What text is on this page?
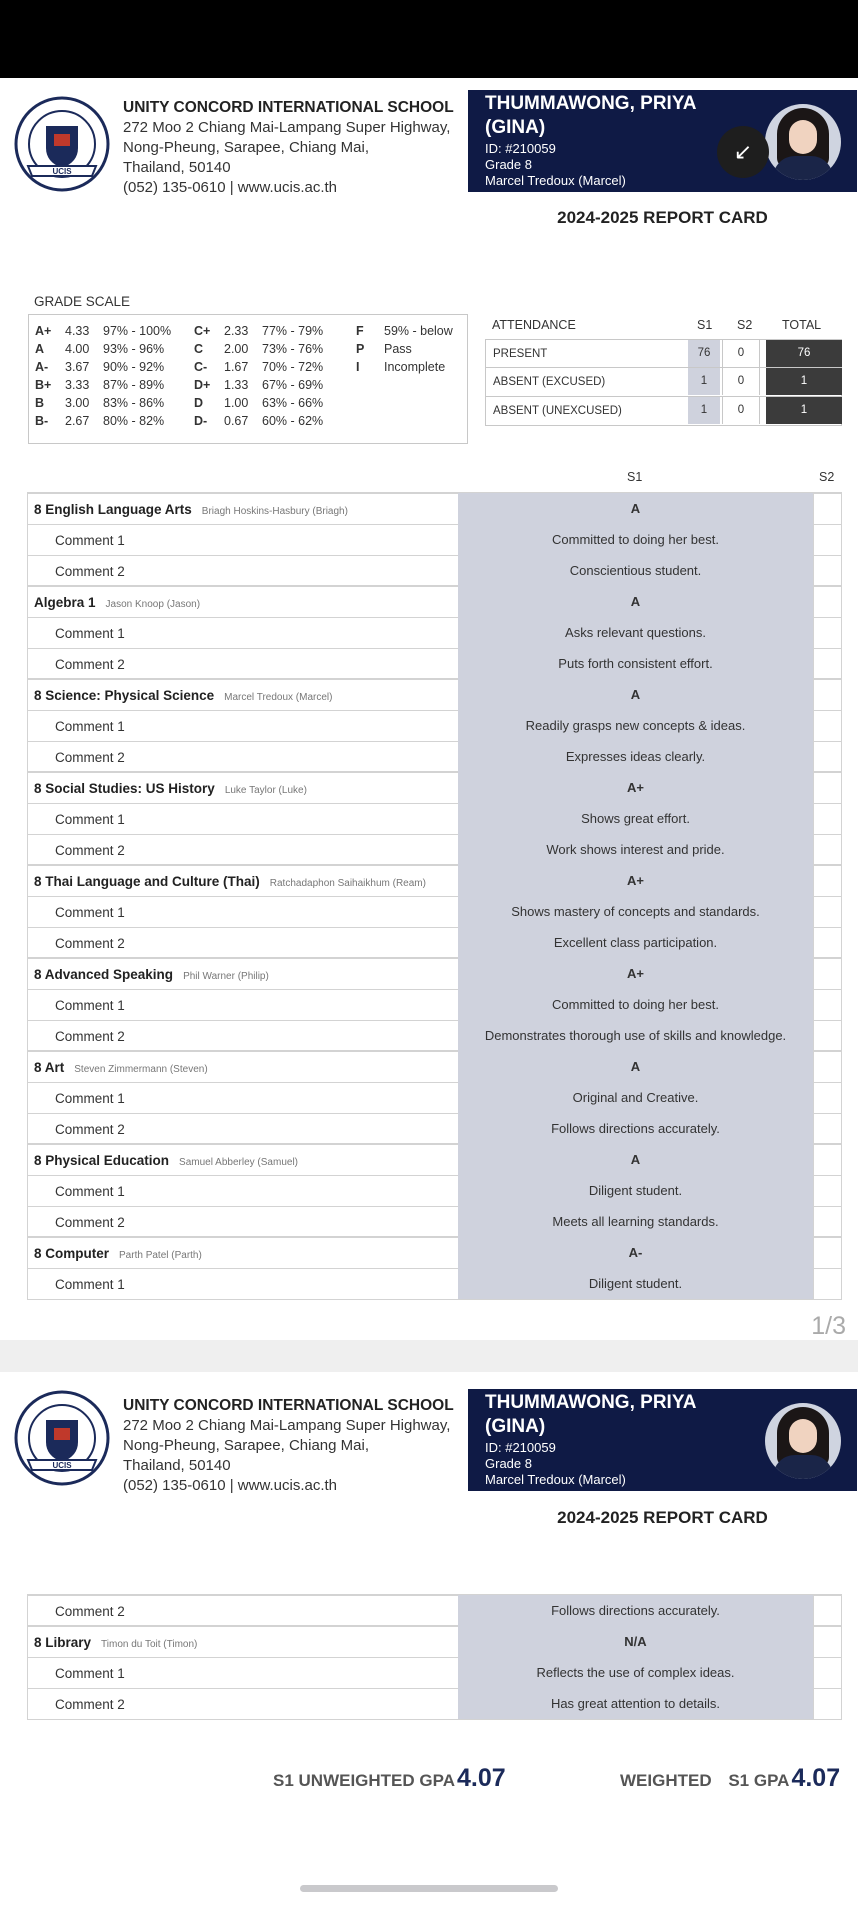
UCIS
UNITY CONCORD INTERNATIONAL SCHOOL
272 Moo 2 Chiang Mai-Lampang Super Highway,
Nong-Pheung, Sarapee, Chiang Mai,
Thailand, 50140
(052) 135-0610 | www.ucis.ac.th
THUMMAWONG, PRIYA (GINA)
ID: #210059
Grade 8
Marcel Tredoux (Marcel)
↙
2024-2025 REPORT CARD
GRADE SCALE
A+ 4.33 97% - 100%
A 4.00 93% - 96%
A- 3.67 90% - 92%
B+ 3.33 87% - 89%
B 3.00 83% - 86%
B- 2.67 80% - 82%
C+ 2.33 77% - 79%
C 2.00 73% - 76%
C- 1.67 70% - 72%
D+ 1.33 67% - 69%
D 1.00 63% - 66%
D- 0.67 60% - 62%
F 59% - below
P Pass
I Incomplete
ATTENDANCE	S1 S2 TOTAL
PRESENT	76	0	76
ABSENT (EXCUSED)	1	0	1
ABSENT (UNEXCUSED)	1	0	1
S1	S2
8 English Language Arts Briagh Hoskins-Hasbury (Briagh)	A
Comment 1	Committed to doing her best.
Comment 2	Conscientious student.
Algebra 1 Jason Knoop (Jason)	A
Comment 1	Asks relevant questions.
Comment 2	Puts forth consistent effort.
8 Science: Physical Science Marcel Tredoux (Marcel)	A
Comment 1	Readily grasps new concepts & ideas.
Comment 2	Expresses ideas clearly.
8 Social Studies: US History Luke Taylor (Luke)	A+
Comment 1	Shows great effort.
Comment 2	Work shows interest and pride.
8 Thai Language and Culture (Thai) Ratchadaphon Saihaikhum (Ream)	A+
Comment 1	Shows mastery of concepts and standards.
Comment 2	Excellent class participation.
8 Advanced Speaking Phil Warner (Philip)	A+
Comment 1	Committed to doing her best.
Comment 2	Demonstrates thorough use of skills and knowledge.
8 Art Steven Zimmermann (Steven)	A
Comment 1	Original and Creative.
Comment 2	Follows directions accurately.
8 Physical Education Samuel Abberley (Samuel)	A
Comment 1	Diligent student.
Comment 2	Meets all learning standards.
8 Computer Parth Patel (Parth)	A-
Comment 1	Diligent student.
1/3
UCIS
UNITY CONCORD INTERNATIONAL SCHOOL
272 Moo 2 Chiang Mai-Lampang Super Highway,
Nong-Pheung, Sarapee, Chiang Mai,
Thailand, 50140
(052) 135-0610 | www.ucis.ac.th
THUMMAWONG, PRIYA (GINA)
ID: #210059
Grade 8
Marcel Tredoux (Marcel)
2024-2025 REPORT CARD
Comment 2	Follows directions accurately.
8 Library Timon du Toit (Timon)	N/A
Comment 1	Reflects the use of complex ideas.
Comment 2	Has great attention to details.
S1 UNWEIGHTED GPA4.07	WEIGHTED S1 GPA4.07
